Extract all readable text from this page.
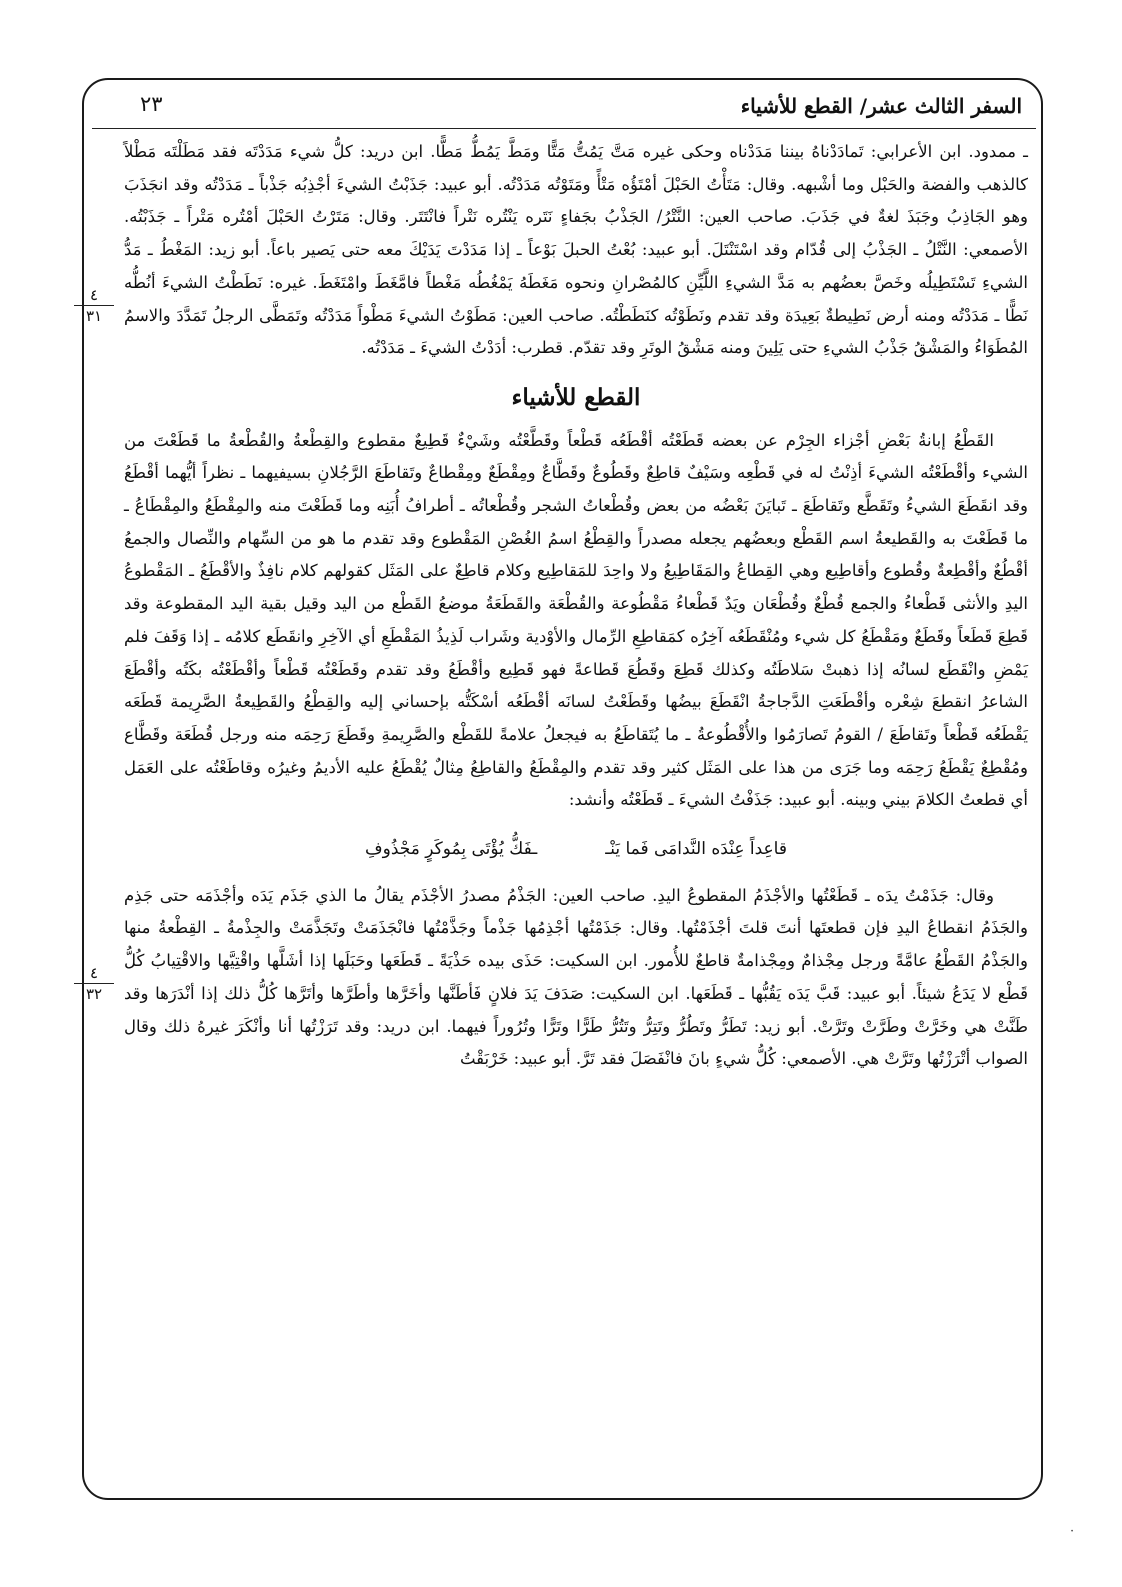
السفر الثالث عشر/ القطع للأشياء
٢٣
٤
٣١
٤
٣٢

ـ ممدود. ابن الأعرابي: تَمادَدْناهُ بيننا مَدَدْناه وحكى غيره مَتَّ يَمُتُّ مَتًّا ومَطَّ يَمُطُّ مَطًّا. ابن دريد: كلُّ شيء مَدَدْتَه فقد مَطَلْتَه مَطْلاً كالذهب والفضة والحَبْل وما أشْبهه. وقال: مَتَأْتُ الحَبْلَ أمْتَؤُه مَتْأً ومَتَوْتُه مَدَدْتُه. أبو عبيد: جَذَبْتُ الشيءَ أجْذِبُه جَذْباً ـ مَدَدْتُه وقد انجَذَبَ وهو الجَاذِبُ وجَبَذَ لغةٌ في جَذَبَ. صاحب العين: النَّتْرُ/ الجَذْبُ بجَفاءٍ نَتَره يَنْتُره نَتْراً فانْتَتَر. وقال: مَتَرْتُ الحَبْلَ أمْتُره مَتْراً ـ جَذَبْتُه. الأصمعي: النَّتْلُ ـ الجَذْبُ إلى قُدّام وقد اسْتَنْتَلَ. أبو عبيد: بُعْتُ الحبلَ بَوْعاً ـ إذا مَدَدْتَ يَدَيْكَ معه حتى يَصير باعاً. أبو زيد: المَغْطُ ـ مَدُّ الشيءِ تَسْتَطِيلُه وخَصَّ بعضُهم به مَدَّ الشيءِ اللَّيِّنِ كالمُصْرانِ ونحوه مَغَطَهُ يَمْغُطُه مَغْطاً فامَّغَطَ وامْتَغَطَ. غيره: نَطَطْتُ الشيءَ أنُطُّه نَطًّا ـ مَدَدْتُه ومنه أرض نَطِيطةٌ بَعِيدَة وقد تقدم ونَطَوْتُه كنَطَطْتُه. صاحب العين: مَطَوْتُ الشيءَ مَطْواً مَدَدْتُه وتَمَطَّى الرجلُ تَمَدَّدَ والاسمُ المُطَوَاءُ والمَشْقُ جَذْبُ الشيءِ حتى يَلِينَ ومنه مَشْقُ الوتَرِ وقد تقدّم. قطرب: أدَدْتُ الشيءَ ـ مَدَدْتُه.

القطع للأشياء

القَطْعُ إبانةُ بَعْضِ أجْزاء الجِرْم عن بعضه قَطَعْتُه أقْطَعُه قَطْعاً وقَطَّعْتُه وشَيْءٌ قَطِيعٌ مقطوع والقِطْعةُ والقُطْعةُ ما قَطَعْتَ من الشيء وأقْطَعْتُه الشيءَ أذِنْتُ له في قَطْعِه وسَيْفٌ قاطِعٌ وقَطُوعٌ وقَطَّاعٌ ومِقْطَعٌ ومِقْطاعٌ وتَقاطَعَ الرَّجُلانِ بسيفيهما ـ نظراً أيُّهما أقْطَعُ وقد انقَطَعَ الشيءُ وتَقَطَّع وتَقاطَعَ ـ تَبايَنَ بَعْضُه من بعض وقُطْعاتُ الشجر وقُطْعاتُه ـ أطرافُ أُبَنِه وما قَطَعْتَ منه والمِقْطَعُ والمِقْطَاعُ ـ ما قَطَعْتَ به والقَطيعةُ اسم القَطْع وبعضُهم يجعله مصدراً والقِطْعُ اسمُ الغُصْنِ المَقْطوع وقد تقدم ما هو من السِّهام والنِّصال والجمعُ أقْطُعٌ وأقْطِعةٌ وقُطوع وأقاطِيع وهي القِطاعُ والمَقَاطِيعُ ولا واحِدَ للمَقاطِيع وكلام قاطِعٌ على المَثَل كقولهم كلام نافِذٌ والأقْطَعُ ـ المَقْطوعُ اليدِ والأنثى قَطْعاءُ والجمع قُطْعٌ وقُطْعَان ويَدٌ قَطْعاءُ مَقْطُوعة والقُطْعَة والقَطَعَةُ موضعُ القَطْع من اليد وقيل بقية اليد المقطوعة وقد قَطِعَ قَطَعاً وقَطَعٌ ومَقْطَعُ كل شيء ومُنْقَطَعُه آخِرُه كمَقاطِعِ الرِّمال والأوْدية وشَراب لَذِيذُ المَقْطَعِ أي الآخِرِ وانقَطَع كلامُه ـ إذا وَقَفَ فلم يَمْضِ وانْقَطَع لسانُه إذا ذهبتْ سَلاطَتُه وكذلك قَطِعَ وقَطُعَ قَطاعةً فهو قَطِيع وأقْطَعُ وقد تقدم وقَطَعْتُه قَطْعاً وأقْطَعْتُه بكَتُه وأقْطَعَ الشاعرُ انقطعَ شِعْره وأقْطَعَتِ الدَّجاجةُ انْقَطَعَ بيضُها وقَطَعْتُ لسانَه أقْطَعُه أسْكَتُّه بإحساني إليه والقِطْعُ والقَطِيعةُ الصَّرِيمة قَطَعَه يَقْطَعُه قَطْعاً وتَقاطَعَ / القومُ تَصارَمُوا والأُقْطُوعةُ ـ ما يُتَقاطَعُ به فيجعلُ علامةً للقَطْع والصَّرِيمةِ وقَطَعَ رَحِمَه منه ورجل قُطَعَة وقَطَّاع ومُقْطِعٌ يَقْطَعُ رَحِمَه وما جَرَى من هذا على المَثَل كثير وقد تقدم والمِقْطَعُ والقاطِعُ مِثالٌ يُقْطَعُ عليه الأديمُ وغيرُه وقاطَعْتُه على العَمَل أي قطعتُ الكلامَ بيني وبينه. أبو عبيد: جَذَفْتُ الشيءَ ـ قَطَعْتُه وأنشد:

قاعِداً عِنْدَه النَّدامَى فَما يَنْـ
ـفَكُّ يُؤْتَى بِمُوكَرٍ مَجْذُوفِ

وقال: جَذَمْتُ يدَه ـ قَطَعْتُها والأجْذَمُ المقطوعُ اليدِ. صاحب العين: الجَذْمُ مصدرُ الأجْذَم يقالُ ما الذي جَذَم يَدَه وأجْذَمَه حتى جَذِم والجَذَمُ انقطاعُ اليدِ فإن قطعتَها أنتَ قلتَ أجْذَمْتُها. وقال: جَذَمْتُها أجْذِمُها جَذْماً وجَذَّمْتُها فانْجَذَمَتْ وتَجَذَّمَتْ والجِذْمةُ ـ القِطْعةُ منها والجَذْمُ القَطْعُ عامَّةً ورجل مِجْذامٌ ومِجْذامةٌ قاطعٌ للأُمور. ابن السكيت: حَذَى بيده حَذْيَةً ـ قَطَعَها وحَبَلَها إذا أشَلَّها واقْتِيَّها والاقْتِيابُ كُلُّ قَطْع لا يَدَعُ شيئاً. أبو عبيد: قَبَّ يَدَه يَقُبُّها ـ قَطَعَها. ابن السكيت: صَدَفَ يَدَ فلانٍ فَأطَنَّها وأخَرَّها وأطَرَّها وأتَرَّها كُلُّ ذلك إذا أنْدَرَها وقد طَنَّتْ هي وخَرَّتْ وطَرَّتْ وتَرَّتْ. أبو زيد: تَطَرُّ وتَطُرُّ وتَتِرُّ وتَتُرُّ طَرًّا وتَرًّا وتُرُوراً فيهما. ابن دريد: وقد تَرَزْتُها أنا وأنْكَرَ غيرهُ ذلك وقال الصواب أتْرَزْتُها وتَرَّتْ هي. الأصمعي: كُلُّ شيءٍ بانَ فانْفَصَلَ فقد تَرَّ. أبو عبيد: خَرْبَقْتُ

·
